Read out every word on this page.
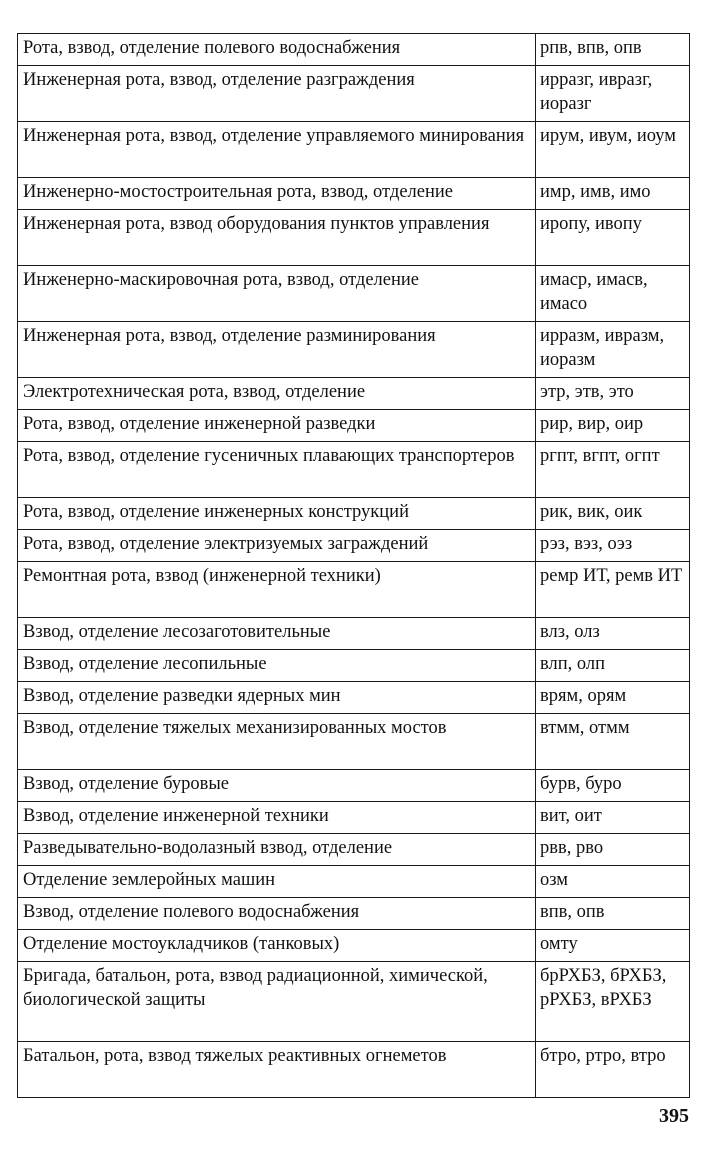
Рота, взвод, отделение полевого водоснабжения	рпв, впв, опв
Инженерная рота, взвод, отделение разграждения	ирразг, ивразг, иоразг
Инженерная рота, взвод, отделение управляемого минирования	ирум, ивум, иоум
Инженерно-мостостроительная рота, взвод, отделение	имр, имв, имо
Инженерная рота, взвод оборудования пунктов управления	иропу, ивопу
Инженерно-маскировочная рота, взвод, отделение	имаср, имасв, имасо
Инженерная рота, взвод, отделение разминирования	ирразм, ивразм, иоразм
Электротехническая рота, взвод, отделение	этр, этв, это
Рота, взвод, отделение инженерной разведки	рир, вир, оир
Рота, взвод, отделение гусеничных плавающих транспортеров	ргпт, вгпт, огпт
Рота, взвод, отделение инженерных конструкций	рик, вик, оик
Рота, взвод, отделение электризуемых заграждений	рэз, вэз, оэз
Ремонтная рота, взвод (инженерной техники)	ремр ИТ, ремв ИТ
Взвод, отделение лесозаготовительные	влз, олз
Взвод, отделение лесопильные	влп, олп
Взвод, отделение разведки ядерных мин	врям, орям
Взвод, отделение тяжелых механизированных мостов	втмм, отмм
Взвод, отделение буровые	бурв, буро
Взвод, отделение инженерной техники	вит, оит
Разведывательно-водолазный взвод, отделение	рвв, рво
Отделение землеройных машин	озм
Взвод, отделение полевого водоснабжения	впв, опв
Отделение мостоукладчиков (танковых)	омту
Бригада, батальон, рота, взвод радиационной, химической, биологической защиты	брРХБЗ, бРХБЗ, рРХБЗ, вРХБЗ
Батальон, рота, взвод тяжелых реактивных огнеметов	бтро, ртро, втро
395
